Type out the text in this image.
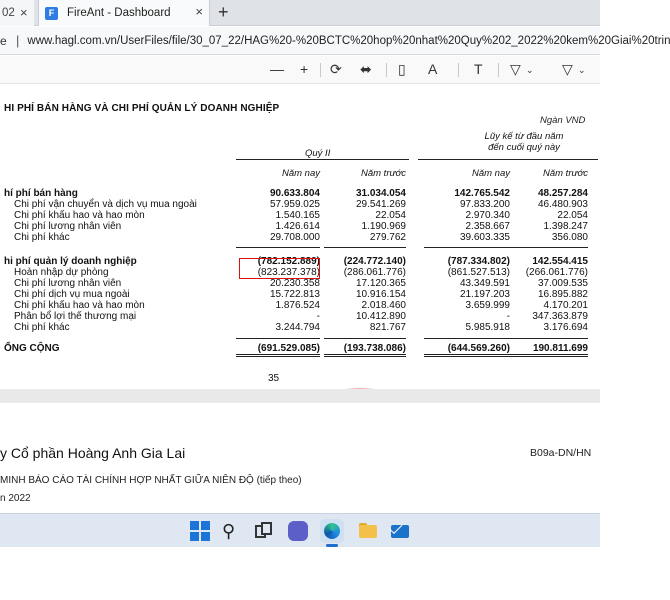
02 ×	F	FireAnt - Dashboard × +
e | www.hagl.com.vn/UserFiles/file/30_07_22/HAG%20-%20BCTC%20hop%20nhat%20Quy%202_2022%20kem%20Giai%20trin
— + ⟳ ⬌ ▯ A	T ▽ ⌄ ▽ ⌄
HI PHÍ BÁN HÀNG VÀ CHI PHÍ QUẢN LÝ DOANH NGHIỆP
Ngàn VND
Quý II
Lũy kế từ đầu năm
đến cuối quý này
Năm nay	Năm trước	Năm nay	Năm trước
hí phí bán hàng	90.633.804	31.034.054	142.765.542	48.257.284
Chi phí vận chuyển và dịch vụ mua ngoài	57.959.025	29.541.269	97.833.200	46.480.903
Chi phí khấu hao và hao mòn	1.540.165	22.054	2.970.340	22.054
Chi phí lương nhân viên	1.426.614	1.190.969	2.358.667	1.398.247
Chi phí khác	29.708.000	279.762	39.603.335	356.080
hi phí quản lý doanh nghiệp	(782.152.889)	(224.772.140)	(787.334.802)	142.554.415
Hoàn nhập dự phòng	(823.237.378)	(286.061.776)	(861.527.513)	(266.061.776)
Chi phí lương nhân viên	20.230.358	17.120.365	43.349.591	37.009.535
Chi phí dịch vụ mua ngoài	15.722.813	10.916.154	21.197.203	16.895.882
Chi phí khấu hao và hao mòn	1.876.524	2.018.460	3.659.999	4.170.201
Phân bổ lợi thế thương mại	-	10.412.890	-	347.363.879
Chi phí khác	3.244.794	821.767	5.985.918	3.176.694
ỔNG CỘNG	(691.529.085)	(193.738.086)	(644.569.260)	190.811.699
35
y Cổ phần Hoàng Anh Gia Lai	B09a-DN/HN
MINH BÁO CÁO TÀI CHÍNH HỢP NHẤT GIỮA NIÊN ĐỘ (tiếp theo)
n 2022
⚲
